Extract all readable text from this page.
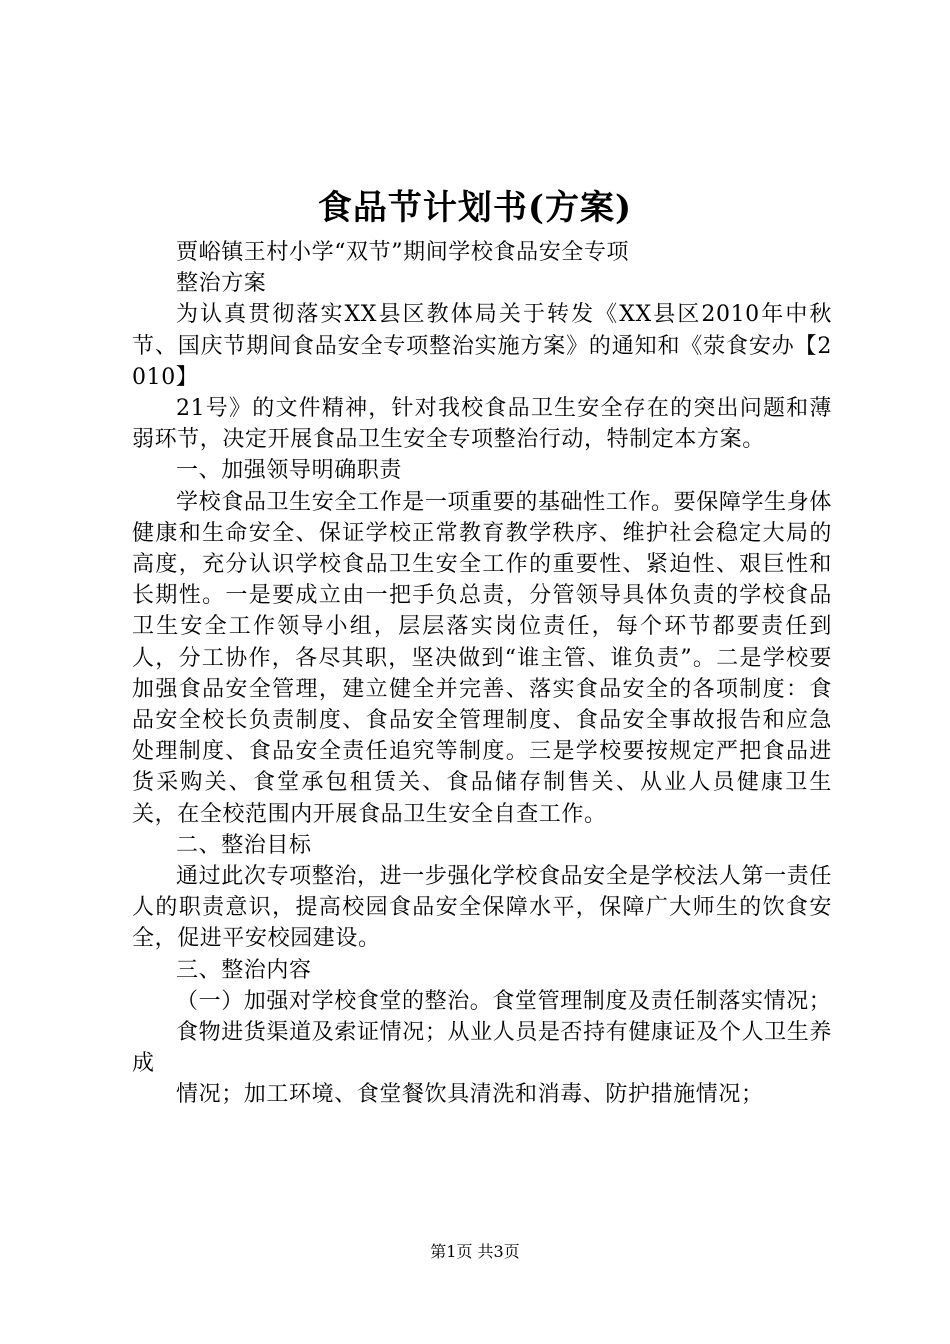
食品节计划书(方案)

贾峪镇王村小学“双节”期间学校食品安全专项

整治方案

为认真贯彻落实XX县区教体局关于转发《XX县区2010年中秋节、国庆节期间食品安全专项整治实施方案》的通知和《荥食安办【2010】

21号》的文件精神，针对我校食品卫生安全存在的突出问题和薄弱环节，决定开展食品卫生安全专项整治行动，特制定本方案。

一、加强领导明确职责

学校食品卫生安全工作是一项重要的基础性工作。要保障学生身体健康和生命安全、保证学校正常教育教学秩序、维护社会稳定大局的高度，充分认识学校食品卫生安全工作的重要性、紧迫性、艰巨性和长期性。一是要成立由一把手负总责，分管领导具体负责的学校食品卫生安全工作领导小组，层层落实岗位责任，每个环节都要责任到人，分工协作，各尽其职，坚决做到“谁主管、谁负责”。二是学校要加强食品安全管理，建立健全并完善、落实食品安全的各项制度：食品安全校长负责制度、食品安全管理制度、食品安全事故报告和应急处理制度、食品安全责任追究等制度。三是学校要按规定严把食品进货采购关、食堂承包租赁关、食品储存制售关、从业人员健康卫生关，在全校范围内开展食品卫生安全自查工作。

二、整治目标

通过此次专项整治，进一步强化学校食品安全是学校法人第一责任人的职责意识，提高校园食品安全保障水平，保障广大师生的饮食安全，促进平安校园建设。

三、整治内容

（一）加强对学校食堂的整治。食堂管理制度及责任制落实情况；

食物进货渠道及索证情况；从业人员是否持有健康证及个人卫生养成

情况；加工环境、食堂餐饮具清洗和消毒、防护措施情况；

第1页 共3页
